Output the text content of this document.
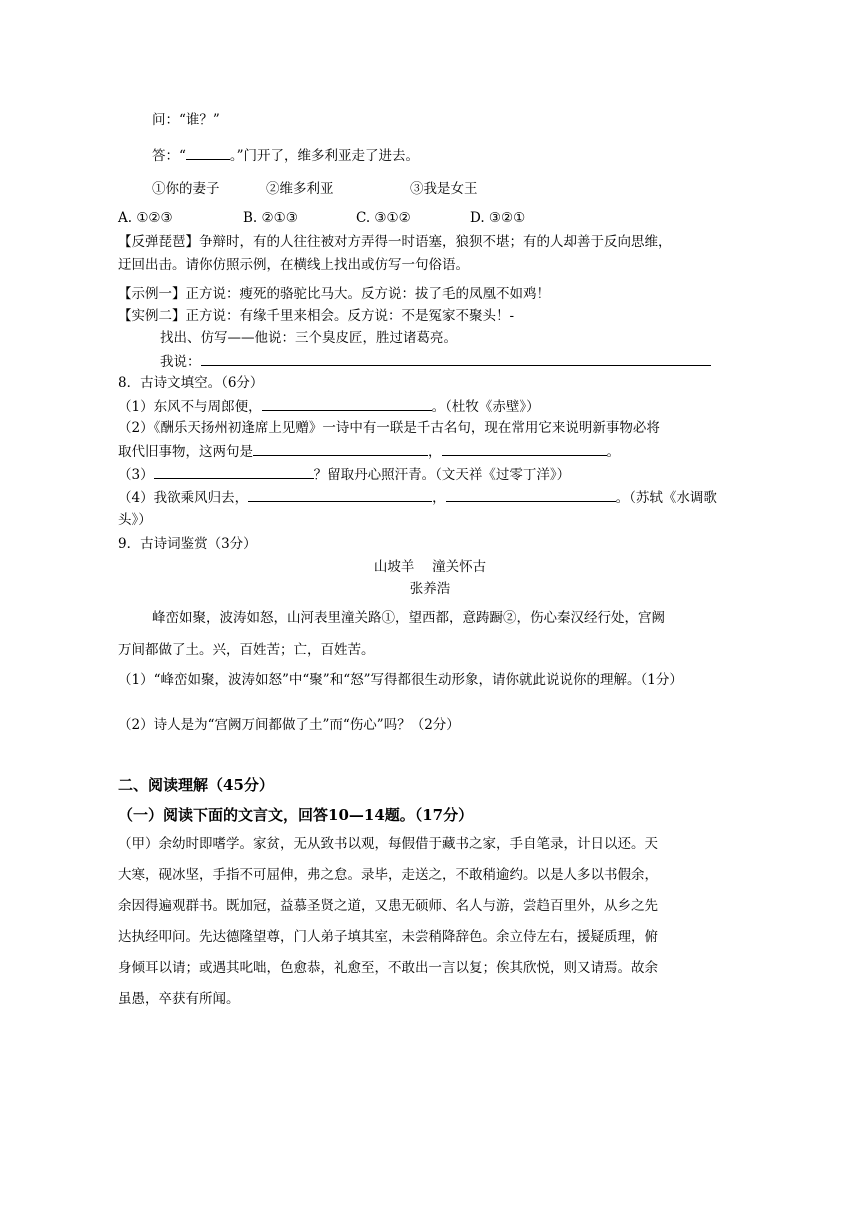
问：“谁？”
答：“	。”门开了，维多利亚走了进去。
①你的妻子	②维多利亚	③我是女王
A. ①②③	B. ②①③	C. ③①②	D. ③②①
【反弹琵琶】争辩时，有的人往往被对方弄得一时语塞，狼狈不堪；有的人却善于反向思维，
迂回出击。请你仿照示例，在横线上找出或仿写一句俗语。
【示例一】正方说：瘦死的骆驼比马大。反方说：拔了毛的凤凰不如鸡！
【实例二】正方说：有缘千里来相会。反方说：不是冤家不聚头！-
找出、仿写——他说：三个臭皮匠，胜过诸葛亮。
我说：
8．古诗文填空。（6分）
（1）东风不与周郎便，	。（杜牧《赤壁》）
（2）《酬乐天扬州初逢席上见赠》一诗中有一联是千古名句，现在常用它来说明新事物必将
取代旧事物，这两句是	，	。
（3）	？留取丹心照汗青。（文天祥《过零丁洋》）
（4）我欲乘风归去，	，	。（苏轼《水调歌
头》）
9．古诗词鉴赏（3分）
山坡羊　 潼关怀古
张养浩
峰峦如聚，波涛如怒，山河表里潼关路①，望西都，意踌蹰②，伤心秦汉经行处，宫阙
万间都做了土。兴，百姓苦；亡，百姓苦。
（1）“峰峦如聚，波涛如怒”中“聚”和“怒”写得都很生动形象，请你就此说说你的理解。（1分）
（2）诗人是为“宫阙万间都做了土”而“伤心”吗？（2分）
二、阅读理解（45分）
（一）阅读下面的文言文，回答10—14题。（17分）
（甲）余幼时即嗜学。家贫，无从致书以观，每假借于藏书之家，手自笔录，计日以还。天
大寒，砚冰坚，手指不可屈伸，弗之怠。录毕，走送之，不敢稍逾约。以是人多以书假余，
余因得遍观群书。既加冠，益慕圣贤之道，又患无硕师、名人与游，尝趋百里外，从乡之先
达执经叩问。先达德隆望尊，门人弟子填其室，未尝稍降辞色。余立侍左右，援疑质理，俯
身倾耳以请；或遇其叱咄，色愈恭，礼愈至，不敢出一言以复；俟其欣悦，则又请焉。故余
虽愚，卒获有所闻。
